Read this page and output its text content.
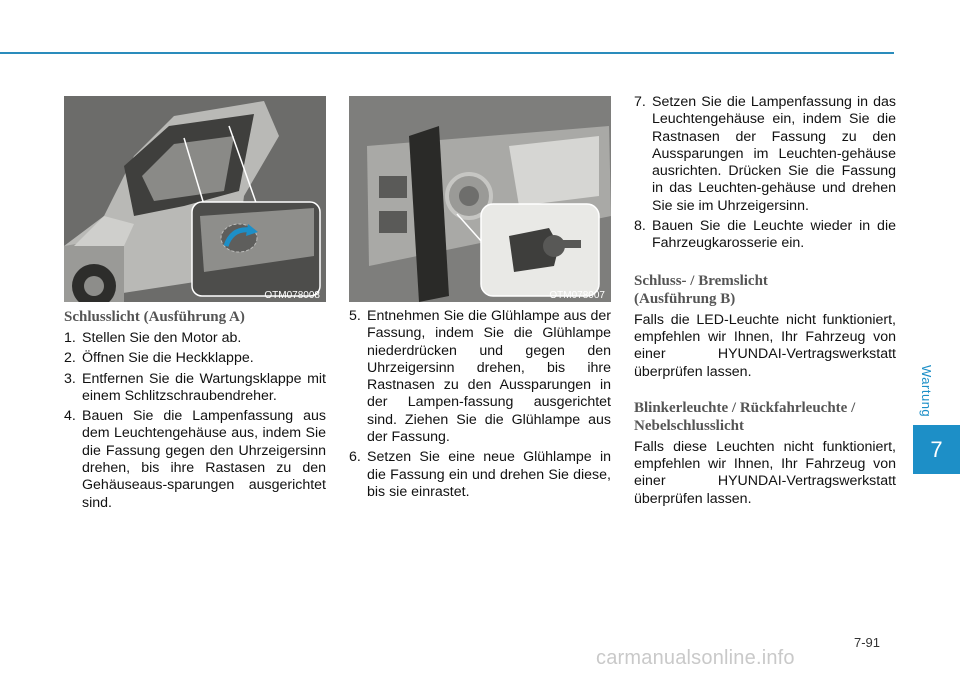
Wartung
7
OTM078008	OTM078007
Schlusslicht (Ausführung A)
1. Stellen Sie den Motor ab.
2. Öffnen Sie die Heckklappe.
3. Entfernen Sie die Wartungsklappe mit einem Schlitzschraubendreher.
4. Bauen Sie die Lampenfassung aus dem Leuchtengehäuse aus, indem Sie die Fassung gegen den Uhrzeigersinn drehen, bis ihre Rastasen zu den Gehäuseaus-sparungen ausgerichtet sind.
5. Entnehmen Sie die Glühlampe aus der Fassung, indem Sie die Glühlampe niederdrücken und gegen den Uhrzeigersinn drehen, bis ihre Rastnasen zu den Aussparungen in der Lampen-fassung ausgerichtet sind. Ziehen Sie die Glühlampe aus der Fassung.
6. Setzen Sie eine neue Glühlampe in die Fassung ein und drehen Sie diese, bis sie einrastet.
7. Setzen Sie die Lampenfassung in das Leuchtengehäuse ein, indem Sie die Rastnasen der Fassung zu den Aussparungen im Leuchten-gehäuse ausrichten. Drücken Sie die Fassung in das Leuchten-gehäuse und drehen Sie sie im Uhrzeigersinn.
8. Bauen Sie die Leuchte wieder in die Fahrzeugkarosserie ein.
Schluss- / Bremslicht
(Ausführung B)
Falls die LED-Leuchte nicht funktioniert, empfehlen wir Ihnen, Ihr Fahrzeug von einer HYUNDAI-Vertragswerkstatt überprüfen lassen.
Blinkerleuchte / Rückfahrleuchte /
Nebelschlusslicht
Falls diese Leuchten nicht funktioniert, empfehlen wir Ihnen, Ihr Fahrzeug von einer HYUNDAI-Vertragswerkstatt überprüfen lassen.
7-91
carmanualsonline.info
